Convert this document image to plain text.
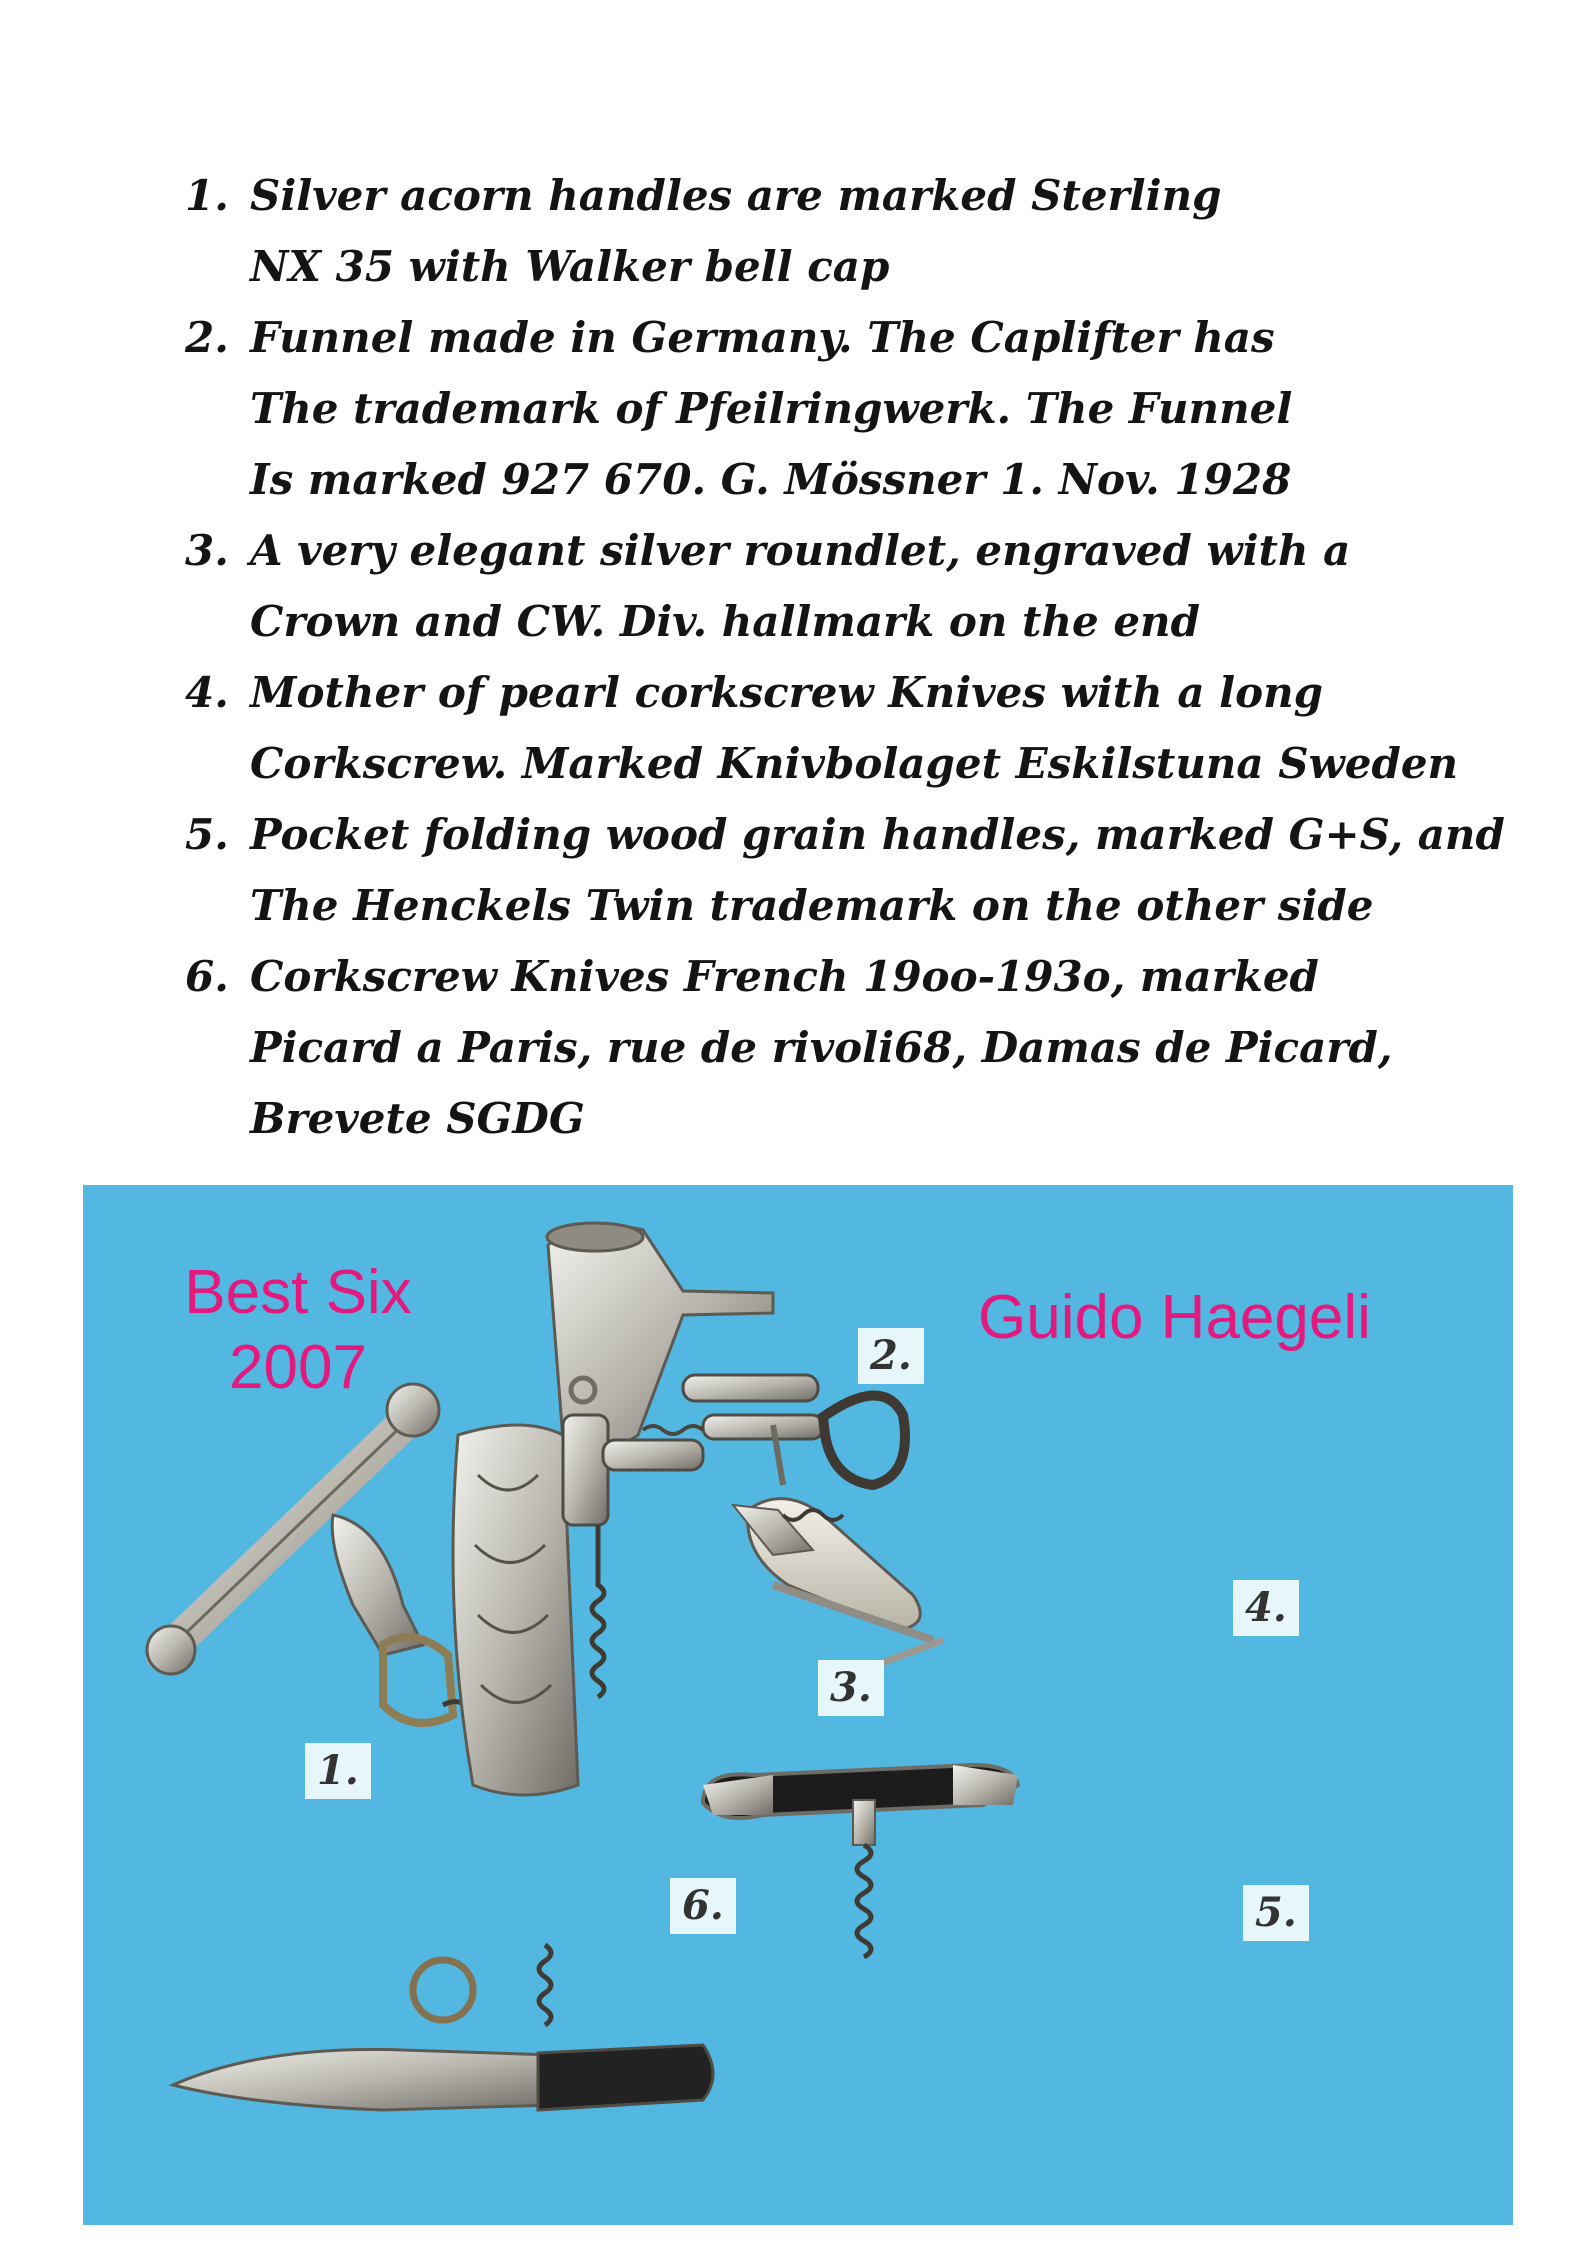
1. Silver acorn handles are marked Sterling
NX 35 with Walker bell cap
2. Funnel made in Germany. The Caplifter has
The trademark of Pfeilringwerk. The Funnel
Is marked 927 670. G. Mössner 1. Nov. 1928
3. A very elegant silver roundlet, engraved with a
Crown and CW. Div. hallmark on the end
4. Mother of pearl corkscrew Knives with a long
Corkscrew. Marked Knivbolaget Eskilstuna Sweden
5. Pocket folding wood grain handles, marked G+S, and
The Henckels Twin trademark on the other side
6. Corkscrew Knives French 19oo-193o, marked
Picard a Paris, rue de rivoli68, Damas de Picard,
Brevete SGDG
Best Six
2007
Guido Haegeli
1.
2.
3.
4.
5.
6.
